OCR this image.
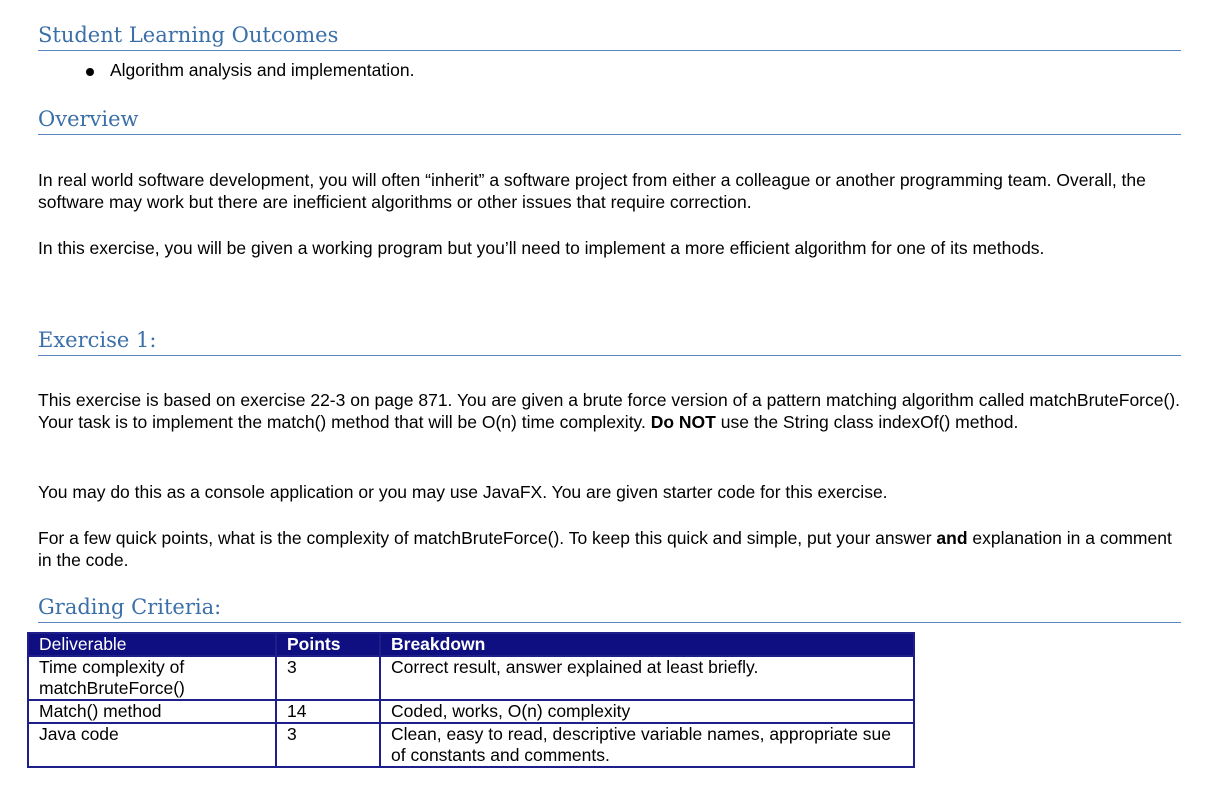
Student Learning Outcomes
Algorithm analysis and implementation.
Overview
In real world software development, you will often “inherit” a software project from either a colleague or another programming team. Overall, the software may work but there are inefficient algorithms or other issues that require correction.
In this exercise, you will be given a working program but you’ll need to implement a more efficient algorithm for one of its methods.
Exercise 1:
This exercise is based on exercise 22-3 on page 871. You are given a brute force version of a pattern matching algorithm called matchBruteForce(). Your task is to implement the match() method that will be O(n) time complexity. Do NOT use the String class indexOf() method.
You may do this as a console application or you may use JavaFX. You are given starter code for this exercise.
For a few quick points, what is the complexity of matchBruteForce(). To keep this quick and simple, put your answer and explanation in a comment in the code.
Grading Criteria:
Deliverable	Points	Breakdown
Time complexity of matchBruteForce()	3	Correct result, answer explained at least briefly.
Match() method	14	Coded, works, O(n) complexity
Java code	3	Clean, easy to read, descriptive variable names, appropriate sue of constants and comments.
